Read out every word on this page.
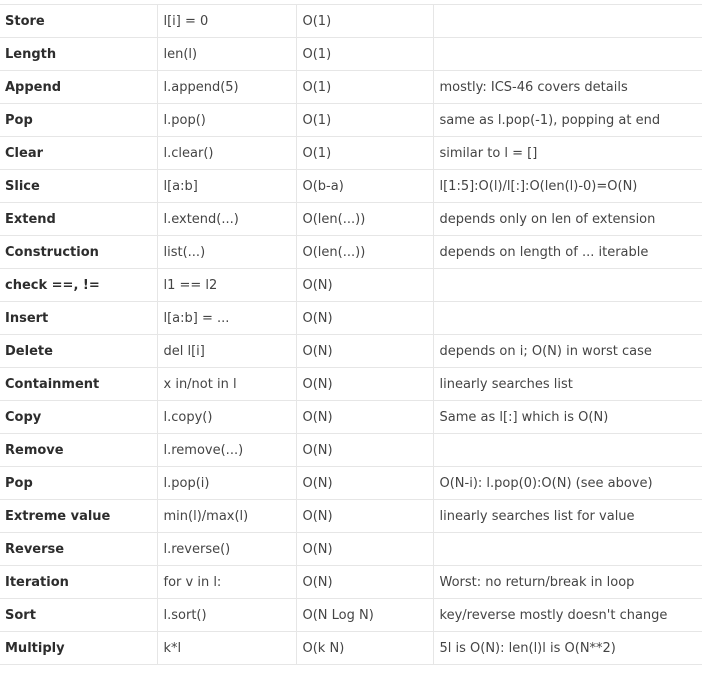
Store	l[i] = 0	O(1)	
Length	len(l)	O(1)	
Append	l.append(5)	O(1)	mostly: ICS-46 covers details
Pop	l.pop()	O(1)	same as l.pop(-1), popping at end
Clear	l.clear()	O(1)	similar to l = []
Slice	l[a:b]	O(b-a)	l[1:5]:O(l)/l[:]:O(len(l)-0)=O(N)
Extend	l.extend(...)	O(len(...))	depends only on len of extension
Construction	list(...)	O(len(...))	depends on length of ... iterable
check ==, !=	l1 == l2	O(N)	
Insert	l[a:b] = ...	O(N)	
Delete	del l[i]	O(N)	depends on i; O(N) in worst case
Containment	x in/not in l	O(N)	linearly searches list
Copy	l.copy()	O(N)	Same as l[:] which is O(N)
Remove	l.remove(...)	O(N)	
Pop	l.pop(i)	O(N)	O(N-i): l.pop(0):O(N) (see above)
Extreme value	min(l)/max(l)	O(N)	linearly searches list for value
Reverse	l.reverse()	O(N)	
Iteration	for v in l:	O(N)	Worst: no return/break in loop
Sort	l.sort()	O(N Log N)	key/reverse mostly doesn't change
Multiply	k*l	O(k N)	5l is O(N): len(l)l is O(N**2)
